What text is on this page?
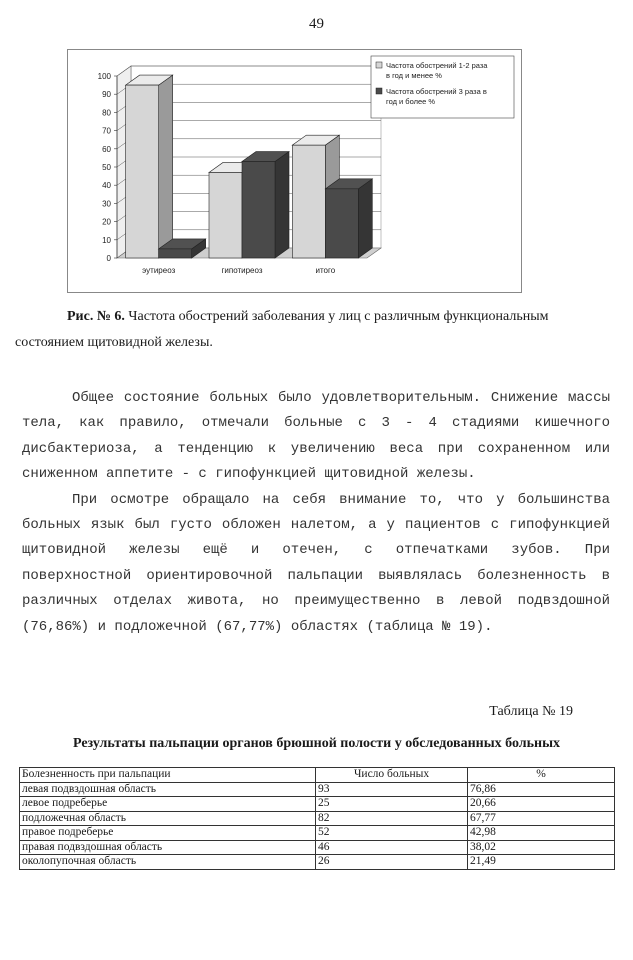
49
0
10
20
30
40
50
60
70
80
90
100
эутиреоз	гипотиреоз	итого
Частота обострений 1-2 раза
в год и менее %
Частота обострений 3 раза в
год и более %
Рис. № 6. Частота обострений заболевания у лиц с различным функциональным состоянием щитовидной железы.

Общее состояние больных было удовлетворительным. Снижение массы тела, как правило, отмечали больные с 3 - 4 стадиями кишечного дисбактериоза, а тенденцию к увеличению веса при сохраненном или сниженном аппетите - с гипофункцией щитовидной железы.

При осмотре обращало на себя внимание то, что у большинства больных язык был густо обложен налетом, а у пациентов с гипофункцией щитовидной железы ещё и отечен, с отпечатками зубов. При поверхностной ориентировочной пальпации выявлялась болезненность в различных отделах живота, но преимущественно в левой подвздошной (76,86%) и подложечной (67,77%) областях (таблица № 19).

Таблица № 19
Результаты пальпации органов брюшной полости у обследованных больных
Болезненность при пальпации	Число больных	%
левая подвздошная область	93	76,86
левое подреберье	25	20,66
подложечная область	82	67,77
правое подреберье	52	42,98
правая подвздошная область	46	38,02
околопупочная область	26	21,49
